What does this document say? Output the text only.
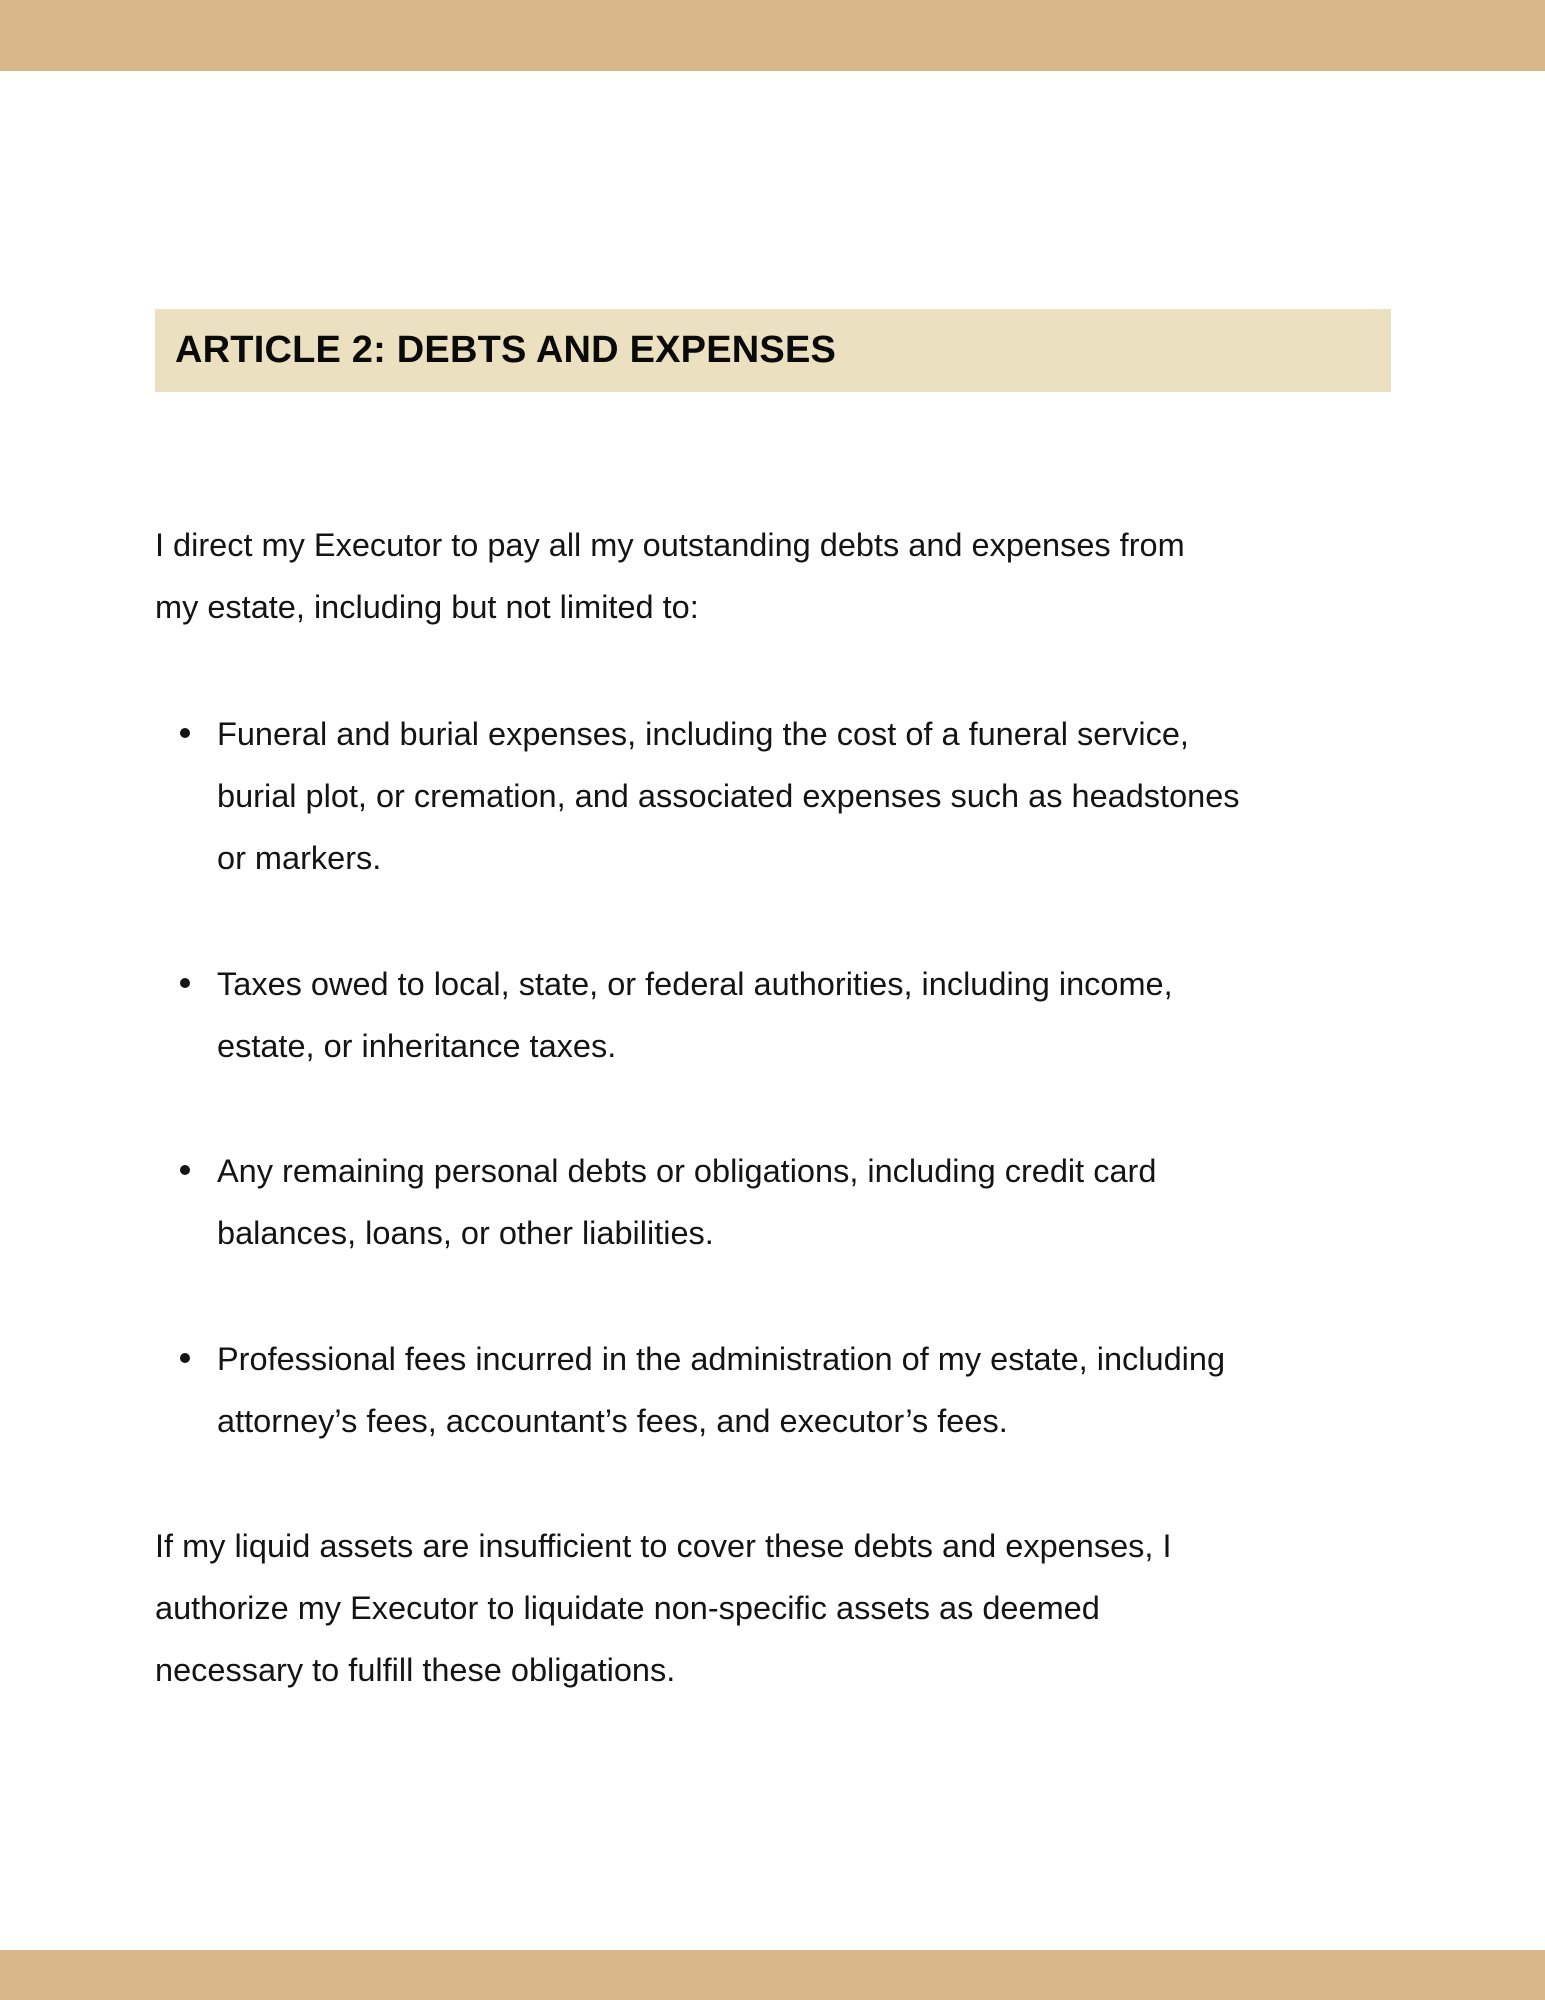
ARTICLE 2: DEBTS AND EXPENSES

I direct my Executor to pay all my outstanding debts and expenses from
my estate, including but not limited to:

Funeral and burial expenses, including the cost of a funeral service,
burial plot, or cremation, and associated expenses such as headstones
or markers.
Taxes owed to local, state, or federal authorities, including income,
estate, or inheritance taxes.
Any remaining personal debts or obligations, including credit card
balances, loans, or other liabilities.
Professional fees incurred in the administration of my estate, including
attorney’s fees, accountant’s fees, and executor’s fees.

If my liquid assets are insufficient to cover these debts and expenses, I
authorize my Executor to liquidate non-specific assets as deemed
necessary to fulfill these obligations.
